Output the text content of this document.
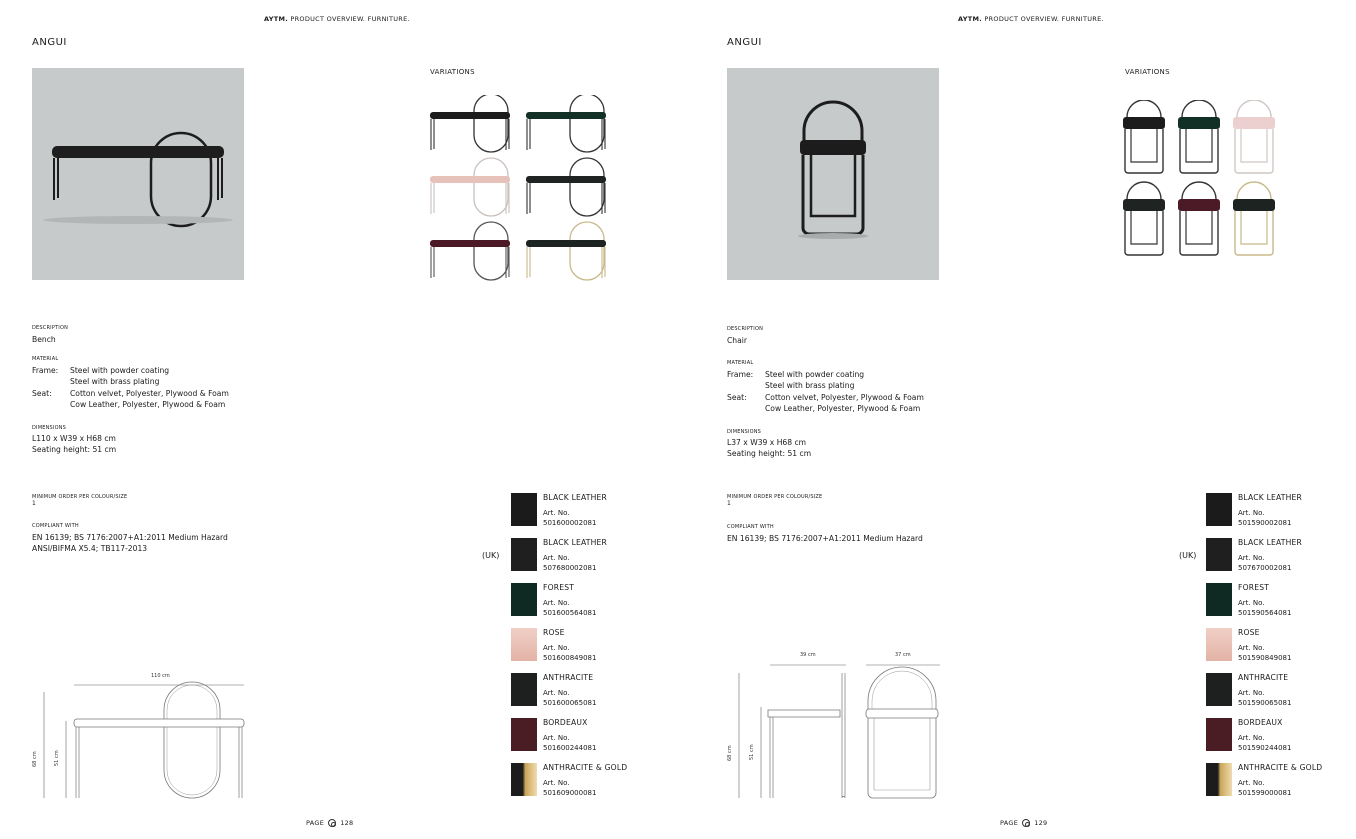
AYTM. PRODUCT OVERVIEW. FURNITURE.
ANGUI
VARIATIONS
DESCRIPTION
Bench
MATERIAL
Frame:	Steel with powder coating
Steel with brass plating
Seat:	Cotton velvet, Polyester, Plywood & Foam
Cow Leather, Polyester, Plywood & Foam
DIMENSIONS
L110 x W39 x H68 cm
Seating height: 51 cm
MINIMUM ORDER PER COLOUR/SIZE
1
COMPLIANT WITH
EN 16139; BS 7176:2007+A1:2011 Medium Hazard
ANSI/BIFMA X5.4; TB117-2013
(UK)
BLACK LEATHER
Art. No.
501600002081
BLACK LEATHER
Art. No.
507680002081
FOREST
Art. No.
501600564081
ROSE
Art. No.
501600849081
ANTHRACITE
Art. No.
501600065081
BORDEAUX
Art. No.
501600244081
ANTHRACITE & GOLD
Art. No.
501609000081
110 cm
68 cm	51 cm
PAGE 128
AYTM. PRODUCT OVERVIEW. FURNITURE.
ANGUI
VARIATIONS
DESCRIPTION
Chair
MATERIAL
Frame:	Steel with powder coating
Steel with brass plating
Seat:	Cotton velvet, Polyester, Plywood & Foam
Cow Leather, Polyester, Plywood & Foam
DIMENSIONS
L37 x W39 x H68 cm
Seating height: 51 cm
MINIMUM ORDER PER COLOUR/SIZE
1
COMPLIANT WITH
EN 16139; BS 7176:2007+A1:2011 Medium Hazard
(UK)
BLACK LEATHER
Art. No.
501590002081
BLACK LEATHER
Art. No.
507670002081
FOREST
Art. No.
501590564081
ROSE
Art. No.
501590849081
ANTHRACITE
Art. No.
501590065081
BORDEAUX
Art. No.
501590244081
ANTHRACITE & GOLD
Art. No.
501599000081
39 cm	37 cm
68 cm	51 cm
PAGE 129
